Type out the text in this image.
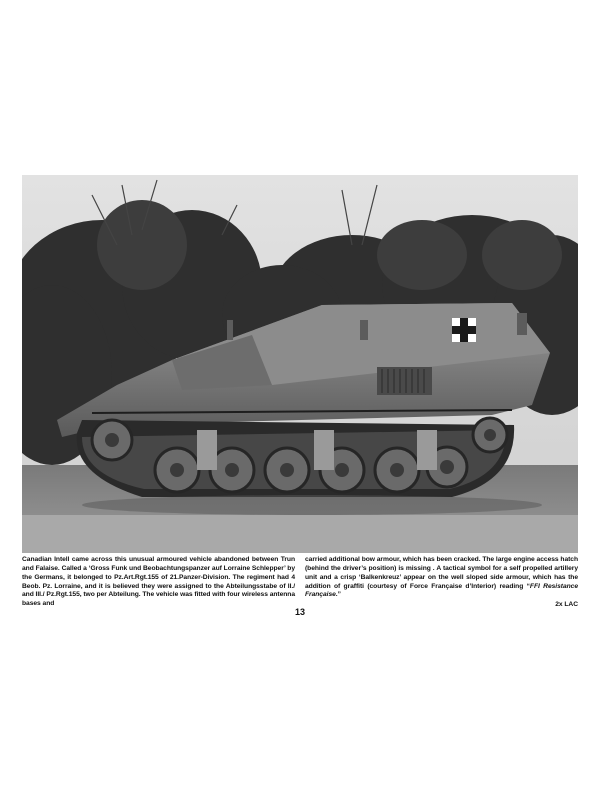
Canadian Intell came across this unusual armoured vehicle abandoned between Trun and Falaise. Called a ‘Gross Funk und Beobachtungspanzer auf Lorraine Schlepper’ by the Germans, it belonged to Pz.Art.Rgt.155 of 21.Panzer-Division. The regiment had 4 Beob. Pz. Lorraine, and it is believed they were assigned to the Abteilungsstabe of II./ and III./ Pz.Rgt.155, two per Abteilung. The vehicle was fitted with four wireless antenna bases and

carried additional bow armour, which has been cracked. The large engine access hatch (behind the driver’s position) is missing . A tactical symbol for a self propelled artillery unit and a crisp ‘Balkenkreuz’ appear on the well sloped side armour, which has the addition of graffiti (courtesy of Force Française d’Interior) reading “FFI Resistance Française.”

2x LAC
13
